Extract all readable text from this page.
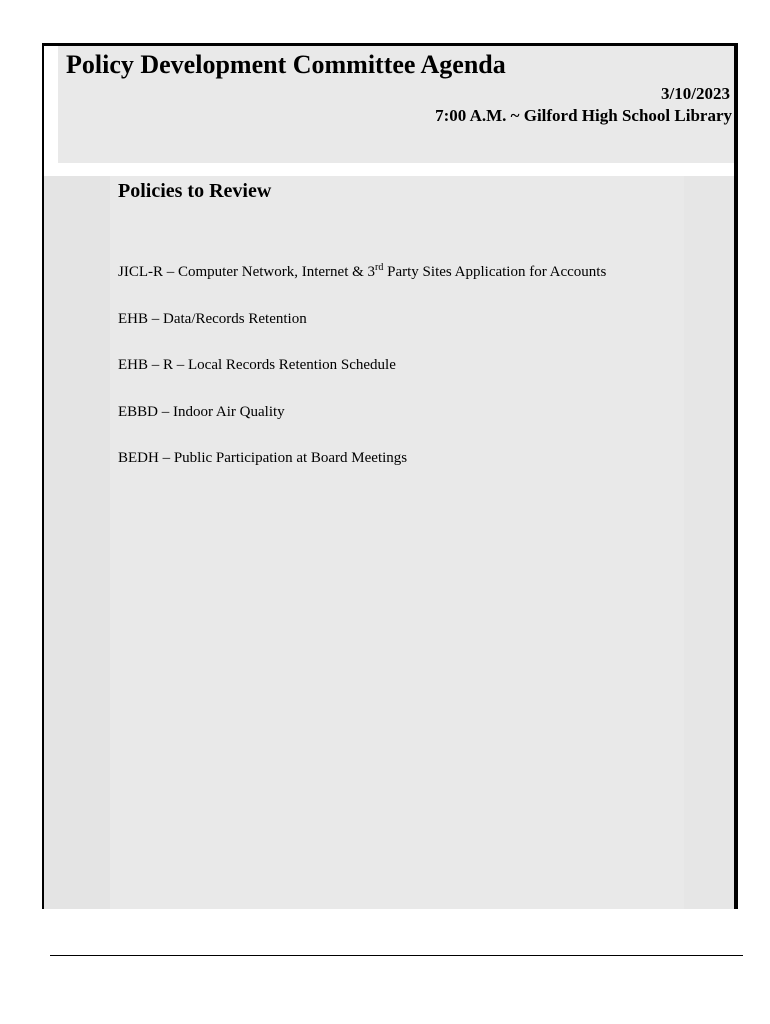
Policy Development Committee Agenda
3/10/2023
7:00 A.M. ~ Gilford High School Library
Policies to Review
JICL-R – Computer Network, Internet & 3rd Party Sites Application for Accounts
EHB – Data/Records Retention
EHB – R – Local Records Retention Schedule
EBBD – Indoor Air Quality
BEDH – Public Participation at Board Meetings
